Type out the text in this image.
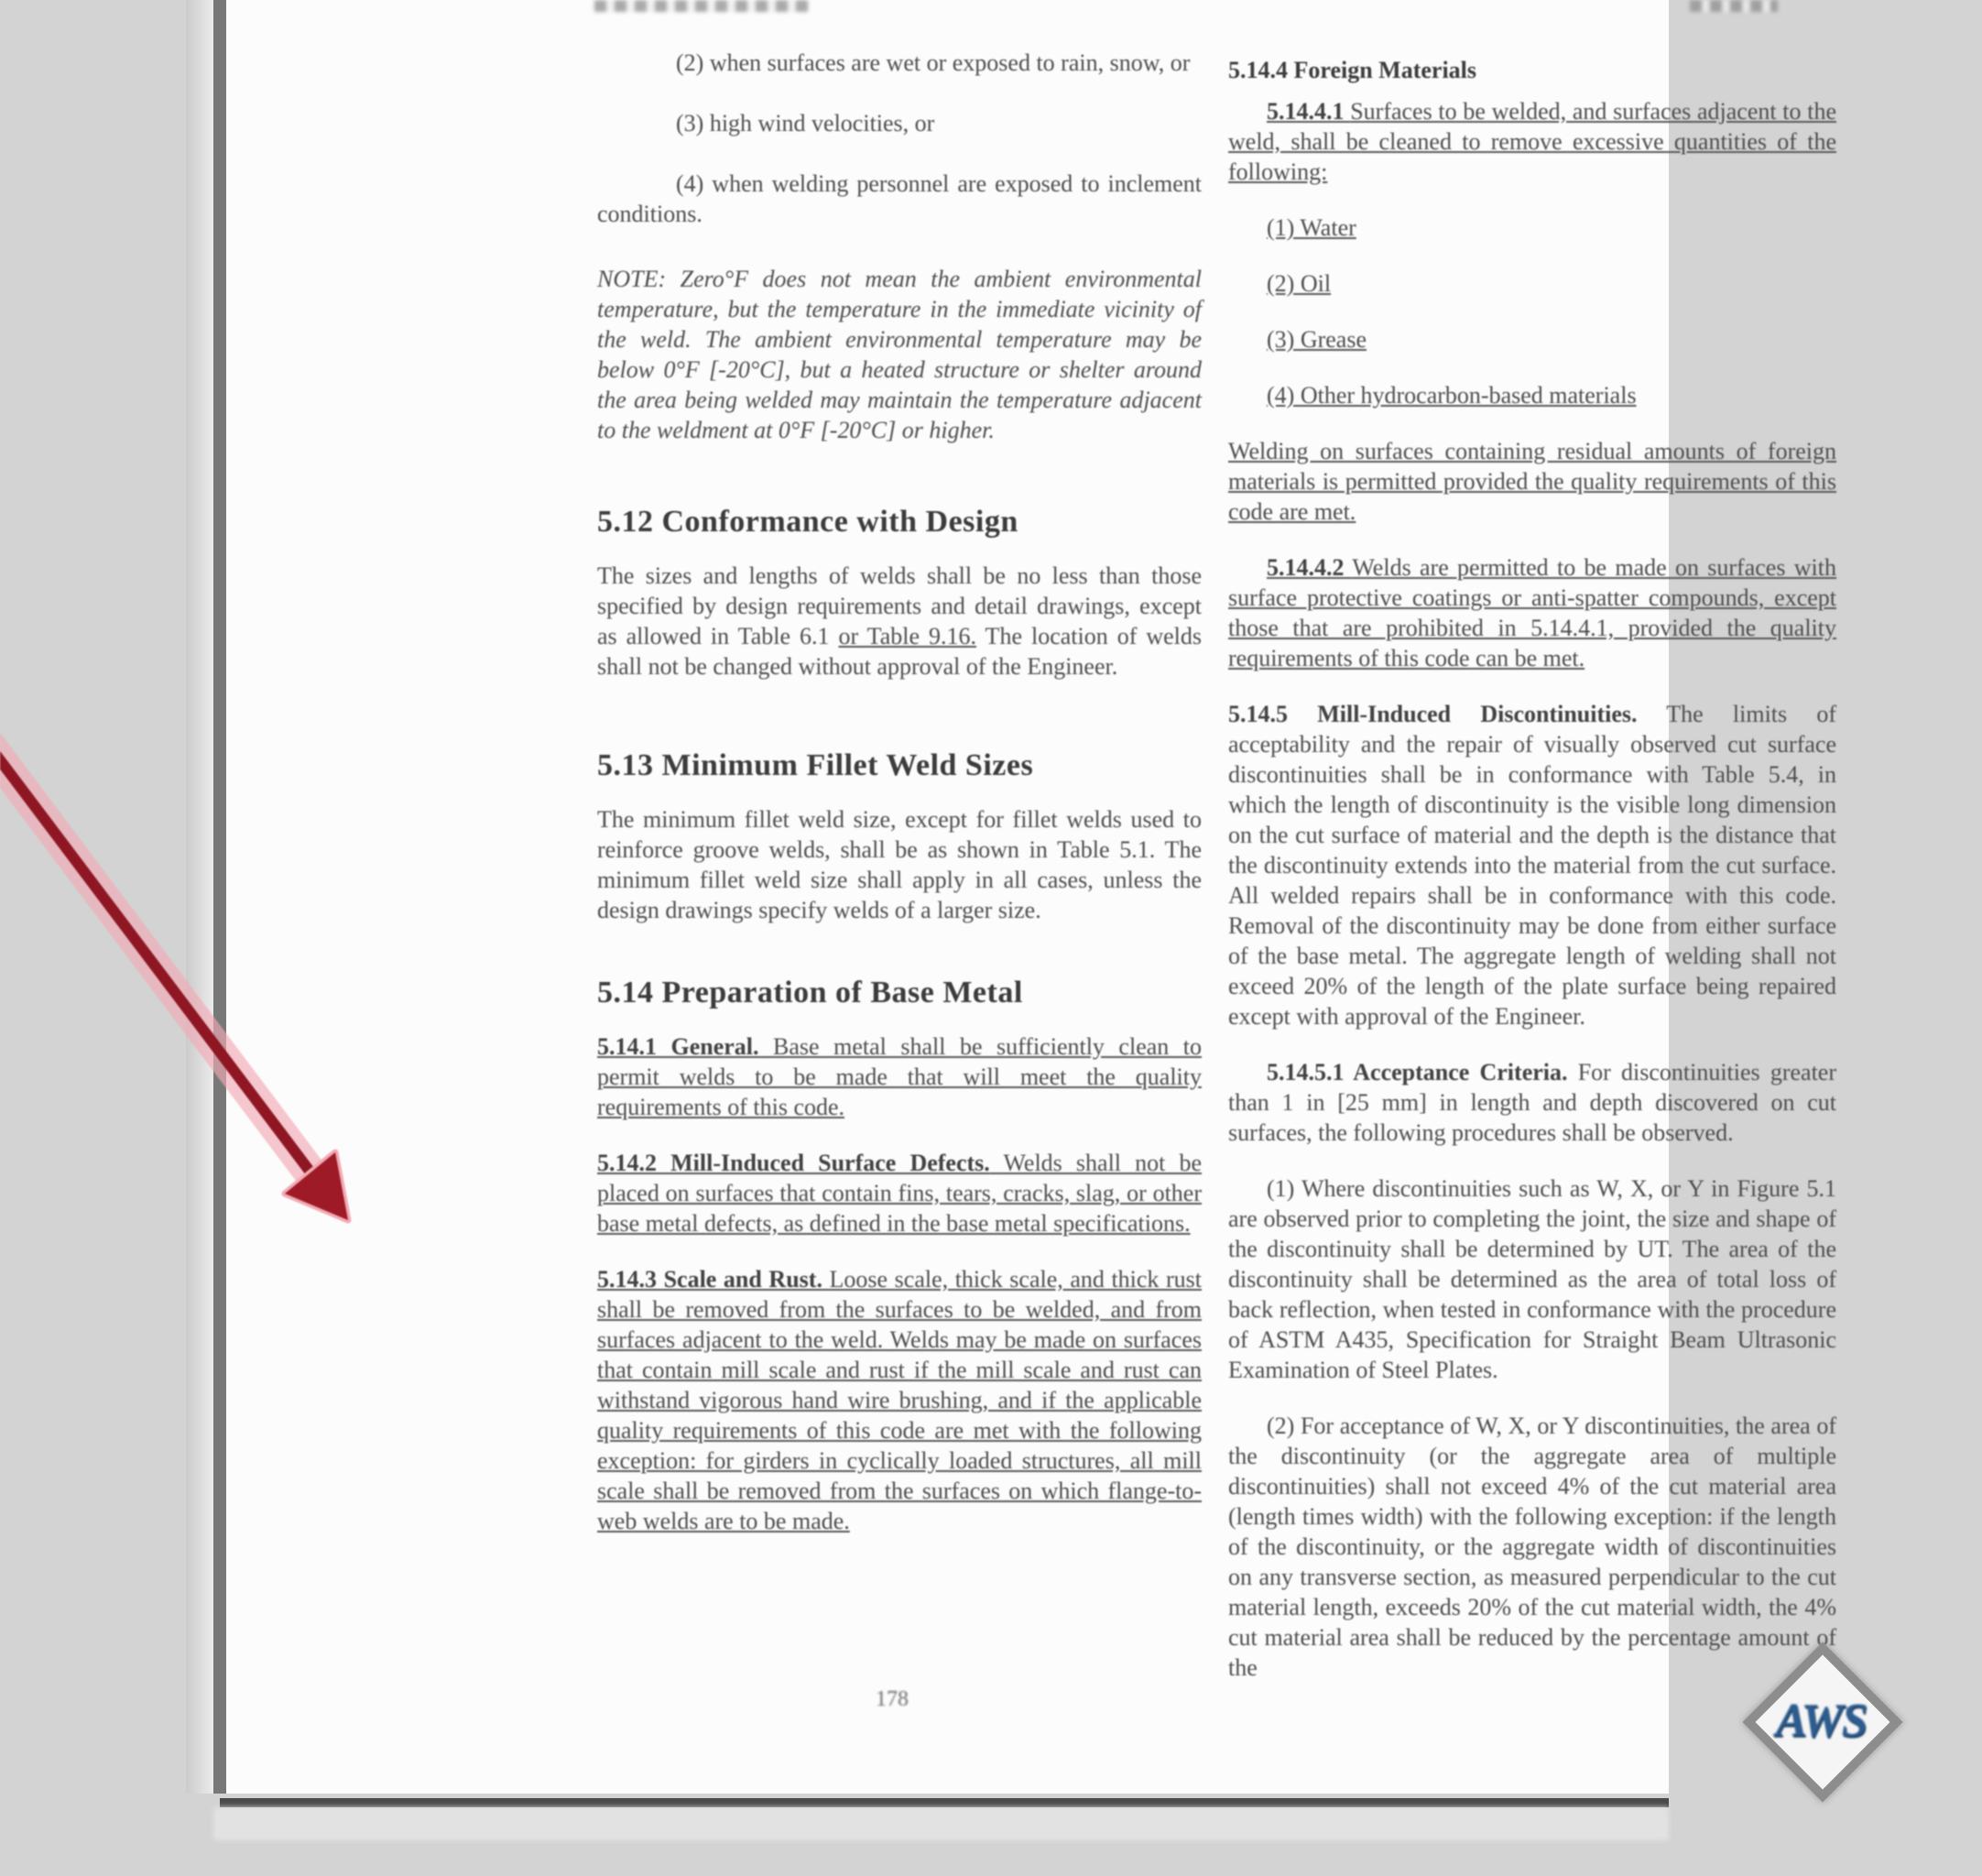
(2) when surfaces are wet or exposed to rain, snow, or

(3) high wind velocities, or

(4) when welding personnel are exposed to inclement conditions.

NOTE: Zero°F does not mean the ambient environmental temperature, but the temperature in the immediate vicinity of the weld. The ambient environmental temperature may be below 0°F [-20°C], but a heated structure or shelter around the area being welded may maintain the temperature adjacent to the weldment at 0°F [-20°C] or higher.

5.12 Conformance with Design

The sizes and lengths of welds shall be no less than those specified by design requirements and detail drawings, except as allowed in Table 6.1 or Table 9.16. The location of welds shall not be changed without approval of the Engineer.

5.13 Minimum Fillet Weld Sizes

The minimum fillet weld size, except for fillet welds used to reinforce groove welds, shall be as shown in Table 5.1. The minimum fillet weld size shall apply in all cases, unless the design drawings specify welds of a larger size.

5.14 Preparation of Base Metal

5.14.1 General. Base metal shall be sufficiently clean to permit welds to be made that will meet the quality requirements of this code.

5.14.2 Mill-Induced Surface Defects. Welds shall not be placed on surfaces that contain fins, tears, cracks, slag, or other base metal defects, as defined in the base metal specifications.

5.14.3 Scale and Rust. Loose scale, thick scale, and thick rust shall be removed from the surfaces to be welded, and from surfaces adjacent to the weld. Welds may be made on surfaces that contain mill scale and rust if the mill scale and rust can withstand vigorous hand wire brushing, and if the applicable quality requirements of this code are met with the following exception: for girders in cyclically loaded structures, all mill scale shall be removed from the surfaces on which flange-to-web welds are to be made.

5.14.4 Foreign Materials

5.14.4.1 Surfaces to be welded, and surfaces adjacent to the weld, shall be cleaned to remove excessive quantities of the following:

(1) Water

(2) Oil

(3) Grease

(4) Other hydrocarbon-based materials

Welding on surfaces containing residual amounts of foreign materials is permitted provided the quality requirements of this code are met.

5.14.4.2 Welds are permitted to be made on surfaces with surface protective coatings or anti-spatter compounds, except those that are prohibited in 5.14.4.1, provided the quality requirements of this code can be met.

5.14.5 Mill-Induced Discontinuities. The limits of acceptability and the repair of visually observed cut surface discontinuities shall be in conformance with Table 5.4, in which the length of discontinuity is the visible long dimension on the cut surface of material and the depth is the distance that the discontinuity extends into the material from the cut surface. All welded repairs shall be in conformance with this code. Removal of the discontinuity may be done from either surface of the base metal. The aggregate length of welding shall not exceed 20% of the length of the plate surface being repaired except with approval of the Engineer.

5.14.5.1 Acceptance Criteria. For discontinuities greater than 1 in [25 mm] in length and depth discovered on cut surfaces, the following procedures shall be observed.

(1) Where discontinuities such as W, X, or Y in Figure 5.1 are observed prior to completing the joint, the size and shape of the discontinuity shall be determined by UT. The area of the discontinuity shall be determined as the area of total loss of back reflection, when tested in conformance with the procedure of ASTM A435, Specification for Straight Beam Ultrasonic Examination of Steel Plates.

(2) For acceptance of W, X, or Y discontinuities, the area of the discontinuity (or the aggregate area of multiple discontinuities) shall not exceed 4% of the cut material area (length times width) with the following exception: if the length of the discontinuity, or the aggregate width of discontinuities on any transverse section, as measured perpendicular to the cut material length, exceeds 20% of the cut material width, the 4% cut material area shall be reduced by the percentage amount of the

178	AWS
